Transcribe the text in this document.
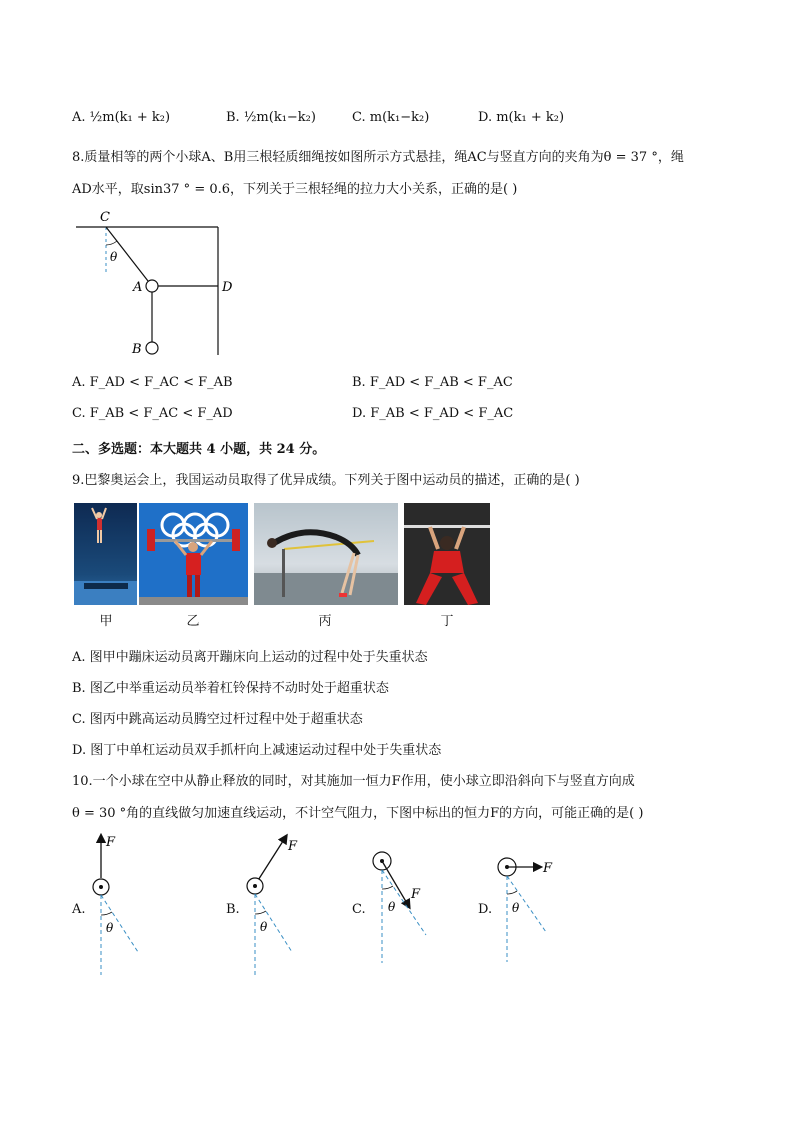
A. ½m(k₁ + k₂)	B. ½m(k₁−k₂)	C. m(k₁−k₂)	D. m(k₁ + k₂)
8.质量相等的两个小球A、B用三根轻质细绳按如图所示方式悬挂，绳AC与竖直方向的夹角为θ = 37 °，绳
AD水平，取sin37 ° = 0.6，下列关于三根轻绳的拉力大小关系，正确的是( )
C
θ
A	D
B
A. F_AD < F_AC < F_AB	B. F_AD < F_AB < F_AC
C. F_AB < F_AC < F_AD	D. F_AB < F_AD < F_AC
二、多选题：本大题共 4 小题，共 24 分。
9.巴黎奥运会上，我国运动员取得了优异成绩。下列关于图中运动员的描述，正确的是( )
甲	乙	丙	丁
A. 图甲中蹦床运动员离开蹦床向上运动的过程中处于失重状态
B. 图乙中举重运动员举着杠铃保持不动时处于超重状态
C. 图丙中跳高运动员腾空过杆过程中处于超重状态
D. 图丁中单杠运动员双手抓杆向上减速运动过程中处于失重状态
10.一个小球在空中从静止释放的同时，对其施加一恒力F作用，使小球立即沿斜向下与竖直方向成
θ = 30 °角的直线做匀加速直线运动，不计空气阻力，下图中标出的恒力F的方向，可能正确的是( )
A.	B.	C.	D.
F
θ
F
θ
F
θ
F
θ
